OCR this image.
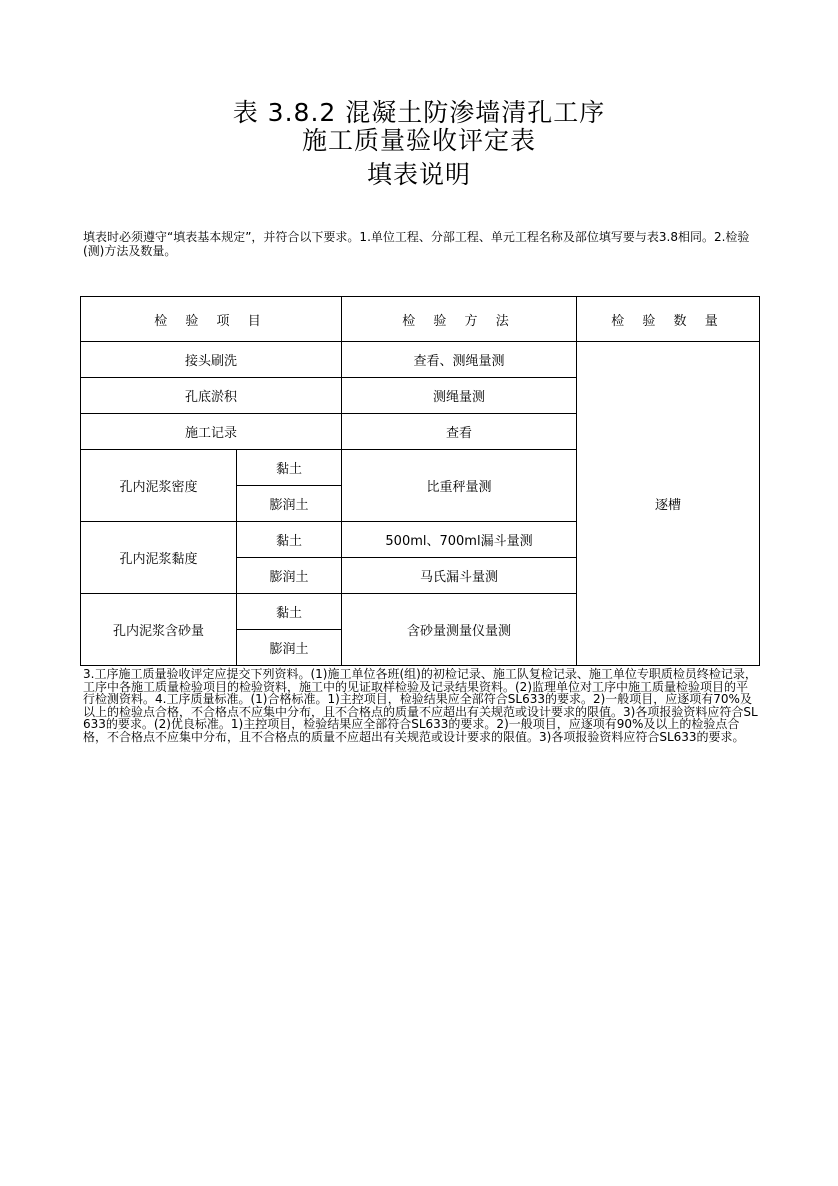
表 3.8.2 混凝土防渗墙清孔工序
施工质量验收评定表
填表说明
填表时必须遵守“填表基本规定”，并符合以下要求。1.单位工程、分部工程、单元工程名称及部位填写要与表3.8相同。2.检验(测)方法及数量。
检 验 项 目		检 验 方 法	检 验 数 量
接头刷洗		查看、测绳量测	逐槽
孔底淤积		测绳量测	
施工记录		查看	
孔内泥浆密度	黏土	比重秤量测	
	膨润土		
孔内泥浆黏度	黏土	500ml、700ml漏斗量测	
	膨润土	马氏漏斗量测	
孔内泥浆含砂量	黏土	含砂量测量仪量测	
	膨润土		
3.工序施工质量验收评定应提交下列资料。(1)施工单位各班(组)的初检记录、施工队复检记录、施工单位专职质检员终检记录，工序中各施工质量检验项目的检验资料，施工中的见证取样检验及记录结果资料。(2)监理单位对工序中施工质量检验项目的平行检测资料。4.工序质量标准。(1)合格标准。1)主控项目，检验结果应全部符合SL633的要求。2)一般项目，应逐项有70%及以上的检验点合格，不合格点不应集中分布，且不合格点的质量不应超出有关规范或设计要求的限值。3)各项报验资料应符合SL633的要求。(2)优良标准。1)主控项目，检验结果应全部符合SL633的要求。2)一般项目，应逐项有90%及以上的检验点合格，不合格点不应集中分布，且不合格点的质量不应超出有关规范或设计要求的限值。3)各项报验资料应符合SL633的要求。
